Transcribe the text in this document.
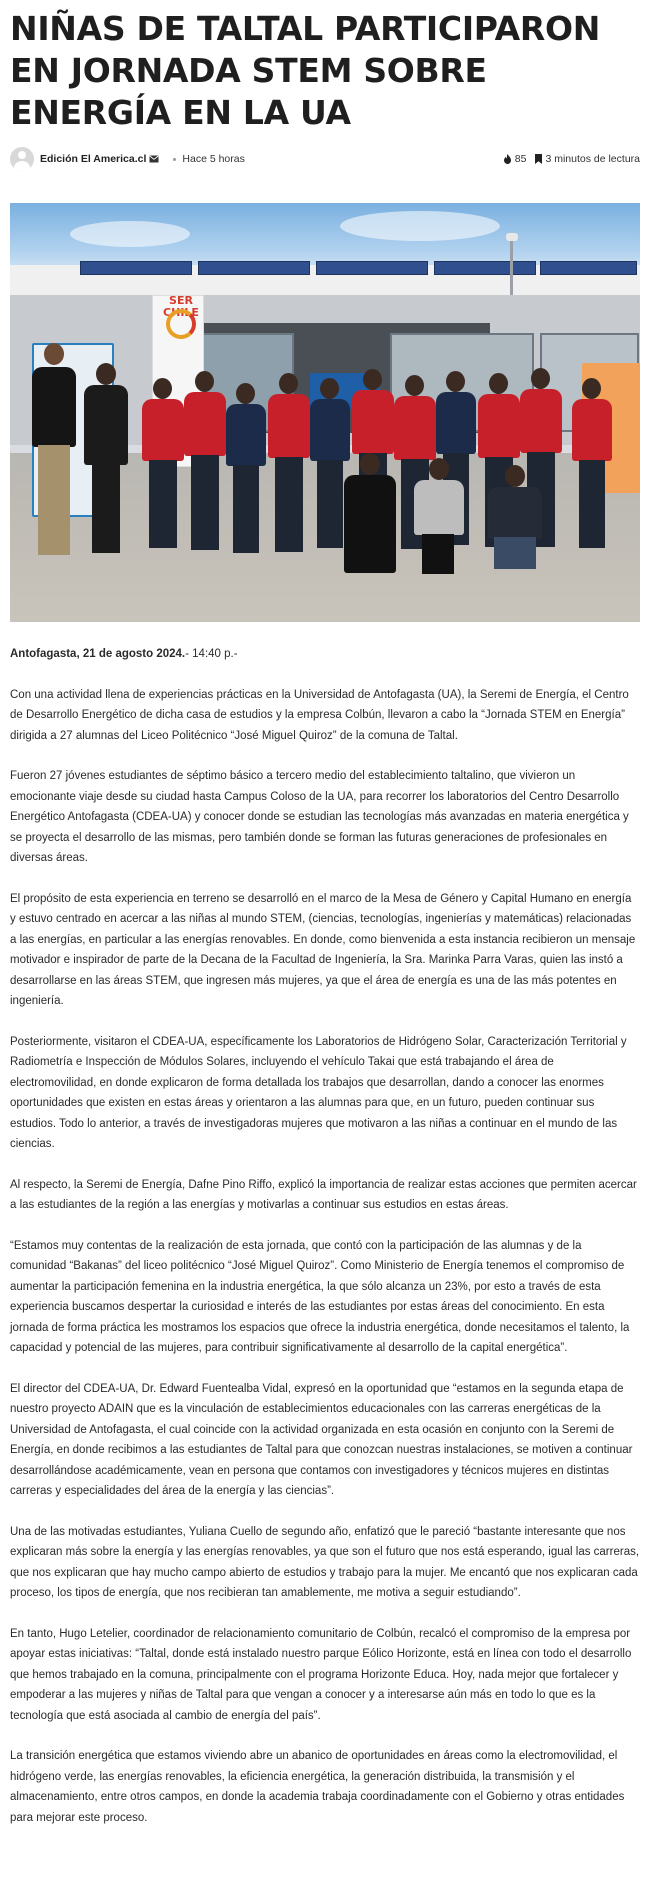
NIÑAS DE TALTAL PARTICIPARON EN JORNADA STEM SOBRE ENERGÍA EN LA UA
Edición El America.cl	Hace 5 horas	85 3 minutos de lectura
SER CHILE

Antofagasta, 21 de agosto 2024.- 14:40 p.-

Con una actividad llena de experiencias prácticas en la Universidad de Antofagasta (UA), la Seremi de Energía, el Centro de Desarrollo Energético de dicha casa de estudios y la empresa Colbún, llevaron a cabo la “Jornada STEM en Energía” dirigida a 27 alumnas del Liceo Politécnico “José Miguel Quiroz” de la comuna de Taltal.

Fueron 27 jóvenes estudiantes de séptimo básico a tercero medio del establecimiento taltalino, que vivieron un emocionante viaje desde su ciudad hasta Campus Coloso de la UA, para recorrer los laboratorios del Centro Desarrollo Energético Antofagasta (CDEA-UA) y conocer donde se estudian las tecnologías más avanzadas en materia energética y se proyecta el desarrollo de las mismas, pero también donde se forman las futuras generaciones de profesionales en diversas áreas.

El propósito de esta experiencia en terreno se desarrolló en el marco de la Mesa de Género y Capital Humano en energía y estuvo centrado en acercar a las niñas al mundo STEM, (ciencias, tecnologías, ingenierías y matemáticas) relacionadas a las energías, en particular a las energías renovables. En donde, como bienvenida a esta instancia recibieron un mensaje motivador e inspirador de parte de la Decana de la Facultad de Ingeniería, la Sra. Marinka Parra Varas, quien las instó a desarrollarse en las áreas STEM, que ingresen más mujeres, ya que el área de energía es una de las más potentes en ingeniería.

Posteriormente, visitaron el CDEA-UA, específicamente los Laboratorios de Hidrógeno Solar, Caracterización Territorial y Radiometría e Inspección de Módulos Solares, incluyendo el vehículo Takai que está trabajando el área de electromovilidad, en donde explicaron de forma detallada los trabajos que desarrollan, dando a conocer las enormes oportunidades que existen en estas áreas y orientaron a las alumnas para que, en un futuro, pueden continuar sus estudios. Todo lo anterior, a través de investigadoras mujeres que motivaron a las niñas a continuar en el mundo de las ciencias.

Al respecto, la Seremi de Energía, Dafne Pino Riffo, explicó la importancia de realizar estas acciones que permiten acercar a las estudiantes de la región a las energías y motivarlas a continuar sus estudios en estas áreas.

“Estamos muy contentas de la realización de esta jornada, que contó con la participación de las alumnas y de la comunidad “Bakanas” del liceo politécnico “José Miguel Quiroz”. Como Ministerio de Energía tenemos el compromiso de aumentar la participación femenina en la industria energética, la que sólo alcanza un 23%, por esto a través de esta experiencia buscamos despertar la curiosidad e interés de las estudiantes por estas áreas del conocimiento. En esta jornada de forma práctica les mostramos los espacios que ofrece la industria energética, donde necesitamos el talento, la capacidad y potencial de las mujeres, para contribuir significativamente al desarrollo de la capital energética”.

El director del CDEA-UA, Dr. Edward Fuentealba Vidal, expresó en la oportunidad que “estamos en la segunda etapa de nuestro proyecto ADAIN que es la vinculación de establecimientos educacionales con las carreras energéticas de la Universidad de Antofagasta, el cual coincide con la actividad organizada en esta ocasión en conjunto con la Seremi de Energía, en donde recibimos a las estudiantes de Taltal para que conozcan nuestras instalaciones, se motiven a continuar desarrollándose académicamente, vean en persona que contamos con investigadores y técnicos mujeres en distintas carreras y especialidades del área de la energía y las ciencias”.

Una de las motivadas estudiantes, Yuliana Cuello de segundo año, enfatizó que le pareció “bastante interesante que nos explicaran más sobre la energía y las energías renovables, ya que son el futuro que nos está esperando, igual las carreras, que nos explicaran que hay mucho campo abierto de estudios y trabajo para la mujer. Me encantó que nos explicaran cada proceso, los tipos de energía, que nos recibieran tan amablemente, me motiva a seguir estudiando”.

En tanto, Hugo Letelier, coordinador de relacionamiento comunitario de Colbún, recalcó el compromiso de la empresa por apoyar estas iniciativas: “Taltal, donde está instalado nuestro parque Eólico Horizonte, está en línea con todo el desarrollo que hemos trabajado en la comuna, principalmente con el programa Horizonte Educa. Hoy, nada mejor que fortalecer y empoderar a las mujeres y niñas de Taltal para que vengan a conocer y a interesarse aún más en todo lo que es la tecnología que está asociada al cambio de energía del país”.

La transición energética que estamos viviendo abre un abanico de oportunidades en áreas como la electromovilidad, el hidrógeno verde, las energías renovables, la eficiencia energética, la generación distribuida, la transmisión y el almacenamiento, entre otros campos, en donde la academia trabaja coordinadamente con el Gobierno y otras entidades para mejorar este proceso.
